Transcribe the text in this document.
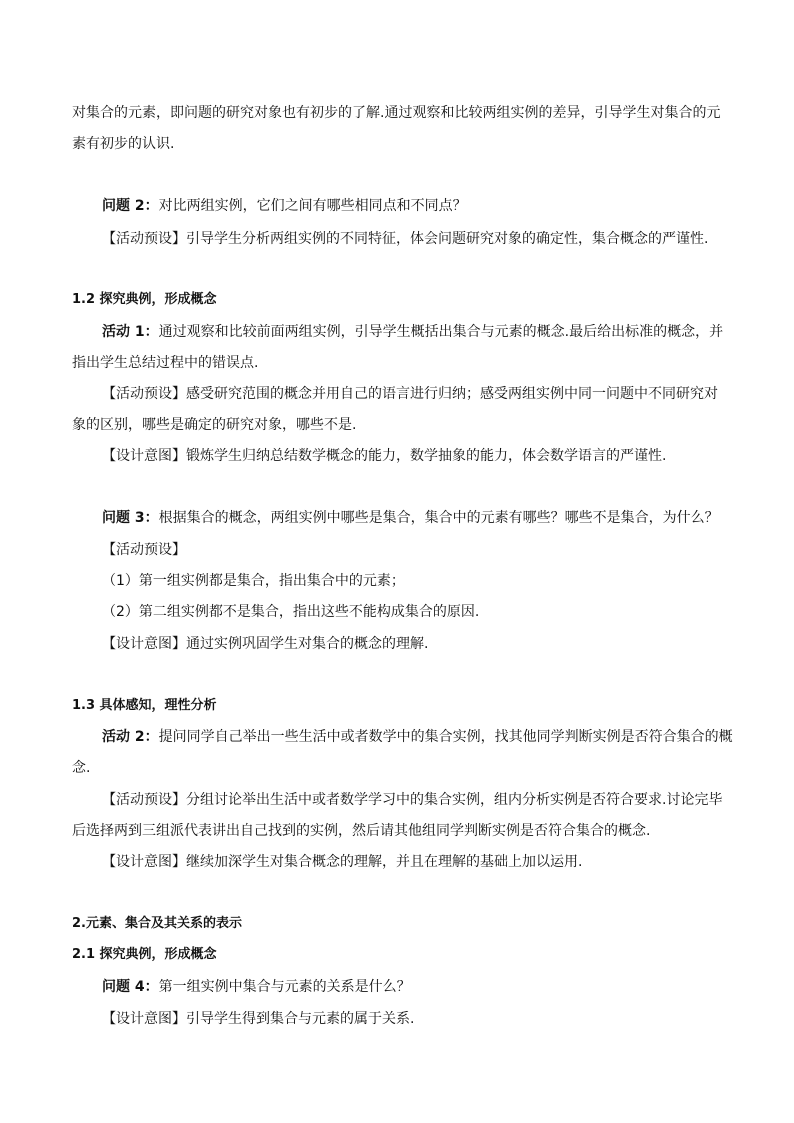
对集合的元素，即问题的研究对象也有初步的了解.通过观察和比较两组实例的差异，引导学生对集合的元
素有初步的认识.
问题 2：对比两组实例，它们之间有哪些相同点和不同点？
【活动预设】引导学生分析两组实例的不同特征，体会问题研究对象的确定性，集合概念的严谨性.
1.2 探究典例，形成概念
活动 1：通过观察和比较前面两组实例，引导学生概括出集合与元素的概念.最后给出标准的概念，并
指出学生总结过程中的错误点.
【活动预设】感受研究范围的概念并用自己的语言进行归纳；感受两组实例中同一问题中不同研究对
象的区别，哪些是确定的研究对象，哪些不是.
【设计意图】锻炼学生归纳总结数学概念的能力，数学抽象的能力，体会数学语言的严谨性.
问题 3：根据集合的概念，两组实例中哪些是集合，集合中的元素有哪些？哪些不是集合，为什么？
【活动预设】
（1）第一组实例都是集合，指出集合中的元素；
（2）第二组实例都不是集合，指出这些不能构成集合的原因.
【设计意图】通过实例巩固学生对集合的概念的理解.
1.3 具体感知，理性分析
活动 2：提问同学自己举出一些生活中或者数学中的集合实例，找其他同学判断实例是否符合集合的概
念.
【活动预设】分组讨论举出生活中或者数学学习中的集合实例，组内分析实例是否符合要求.讨论完毕
后选择两到三组派代表讲出自己找到的实例，然后请其他组同学判断实例是否符合集合的概念.
【设计意图】继续加深学生对集合概念的理解，并且在理解的基础上加以运用.
2.元素、集合及其关系的表示
2.1 探究典例，形成概念
问题 4：第一组实例中集合与元素的关系是什么？
【设计意图】引导学生得到集合与元素的属于关系.
